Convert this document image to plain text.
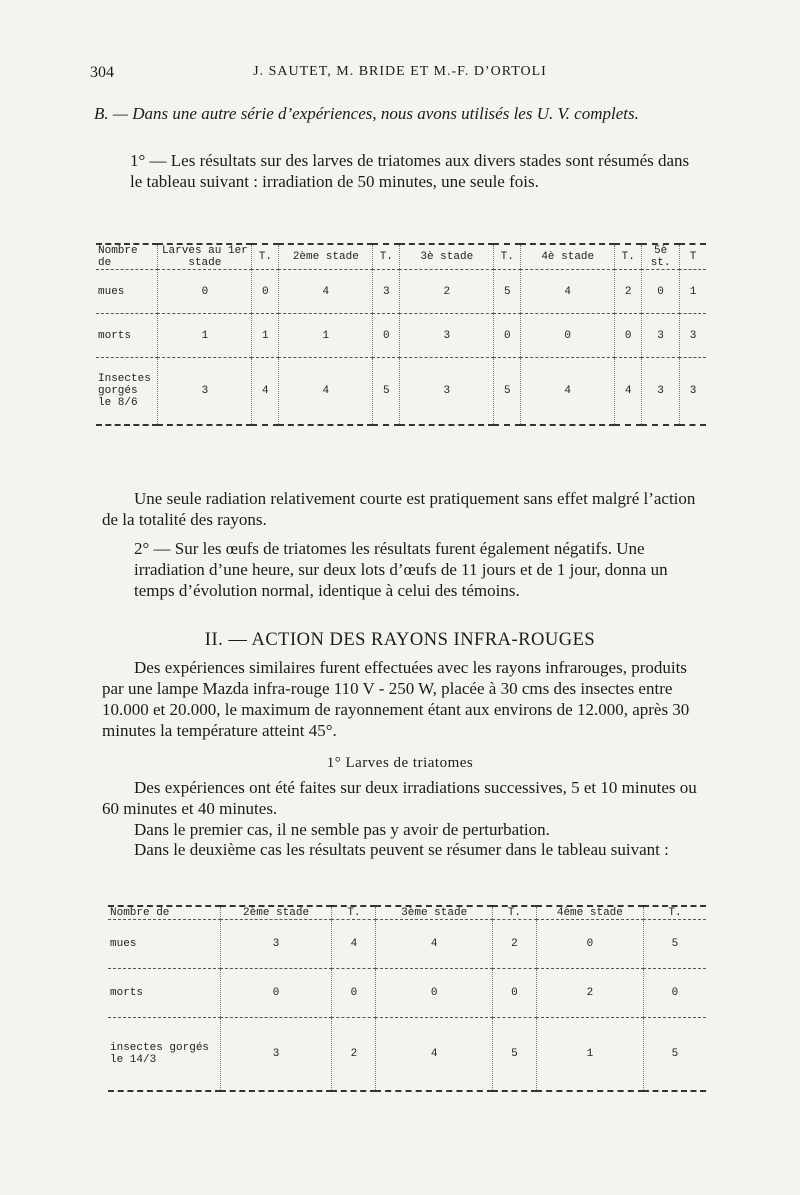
304	J. SAUTET, M. BRIDE ET M.-F. D’ORTOLI

B. — Dans une autre série d’expériences, nous avons utilisés les U. V. complets.

1° — Les résultats sur des larves de triatomes aux divers stades sont résumés dans le tableau suivant : irradiation de 50 minutes, une seule fois.

Nombre de	Larves au 1er stade	T.	2ème stade	T.	3è stade	T.	4è stade	T.	5è st.	T
mues	0	0	4	3	2	5	4	2	0	1
morts	1	1	1	0	3	0	0	0	3	3
Insectes gorgés le 8/6	3	4	4	5	3	5	4	4	3	3

Une seule radiation relativement courte est pratiquement sans effet malgré l’action de la totalité des rayons.

2° — Sur les œufs de triatomes les résultats furent également négatifs. Une irradiation d’une heure, sur deux lots d’œufs de 11 jours et de 1 jour, donna un temps d’évolution normal, identique à celui des témoins.

II. — ACTION DES RAYONS INFRA-ROUGES

Des expériences similaires furent effectuées avec les rayons infrarouges, produits par une lampe Mazda infra-rouge 110 V - 250 W, placée à 30 cms des insectes entre 10.000 et 20.000, le maximum de rayonnement étant aux environs de 12.000, après 30 minutes la température atteint 45°.

1° Larves de triatomes

Des expériences ont été faites sur deux irradiations successives, 5 et 10 minutes ou 60 minutes et 40 minutes.

Dans le premier cas, il ne semble pas y avoir de perturbation.

Dans le deuxième cas les résultats peuvent se résumer dans le tableau suivant :

Nombre de	2ème stade	T.	3ème stade	T.	4ème stade	T.
mues	3	4	4	2	0	5
morts	0	0	0	0	2	0
insectes gorgés le 14/3	3	2	4	5	1	5
